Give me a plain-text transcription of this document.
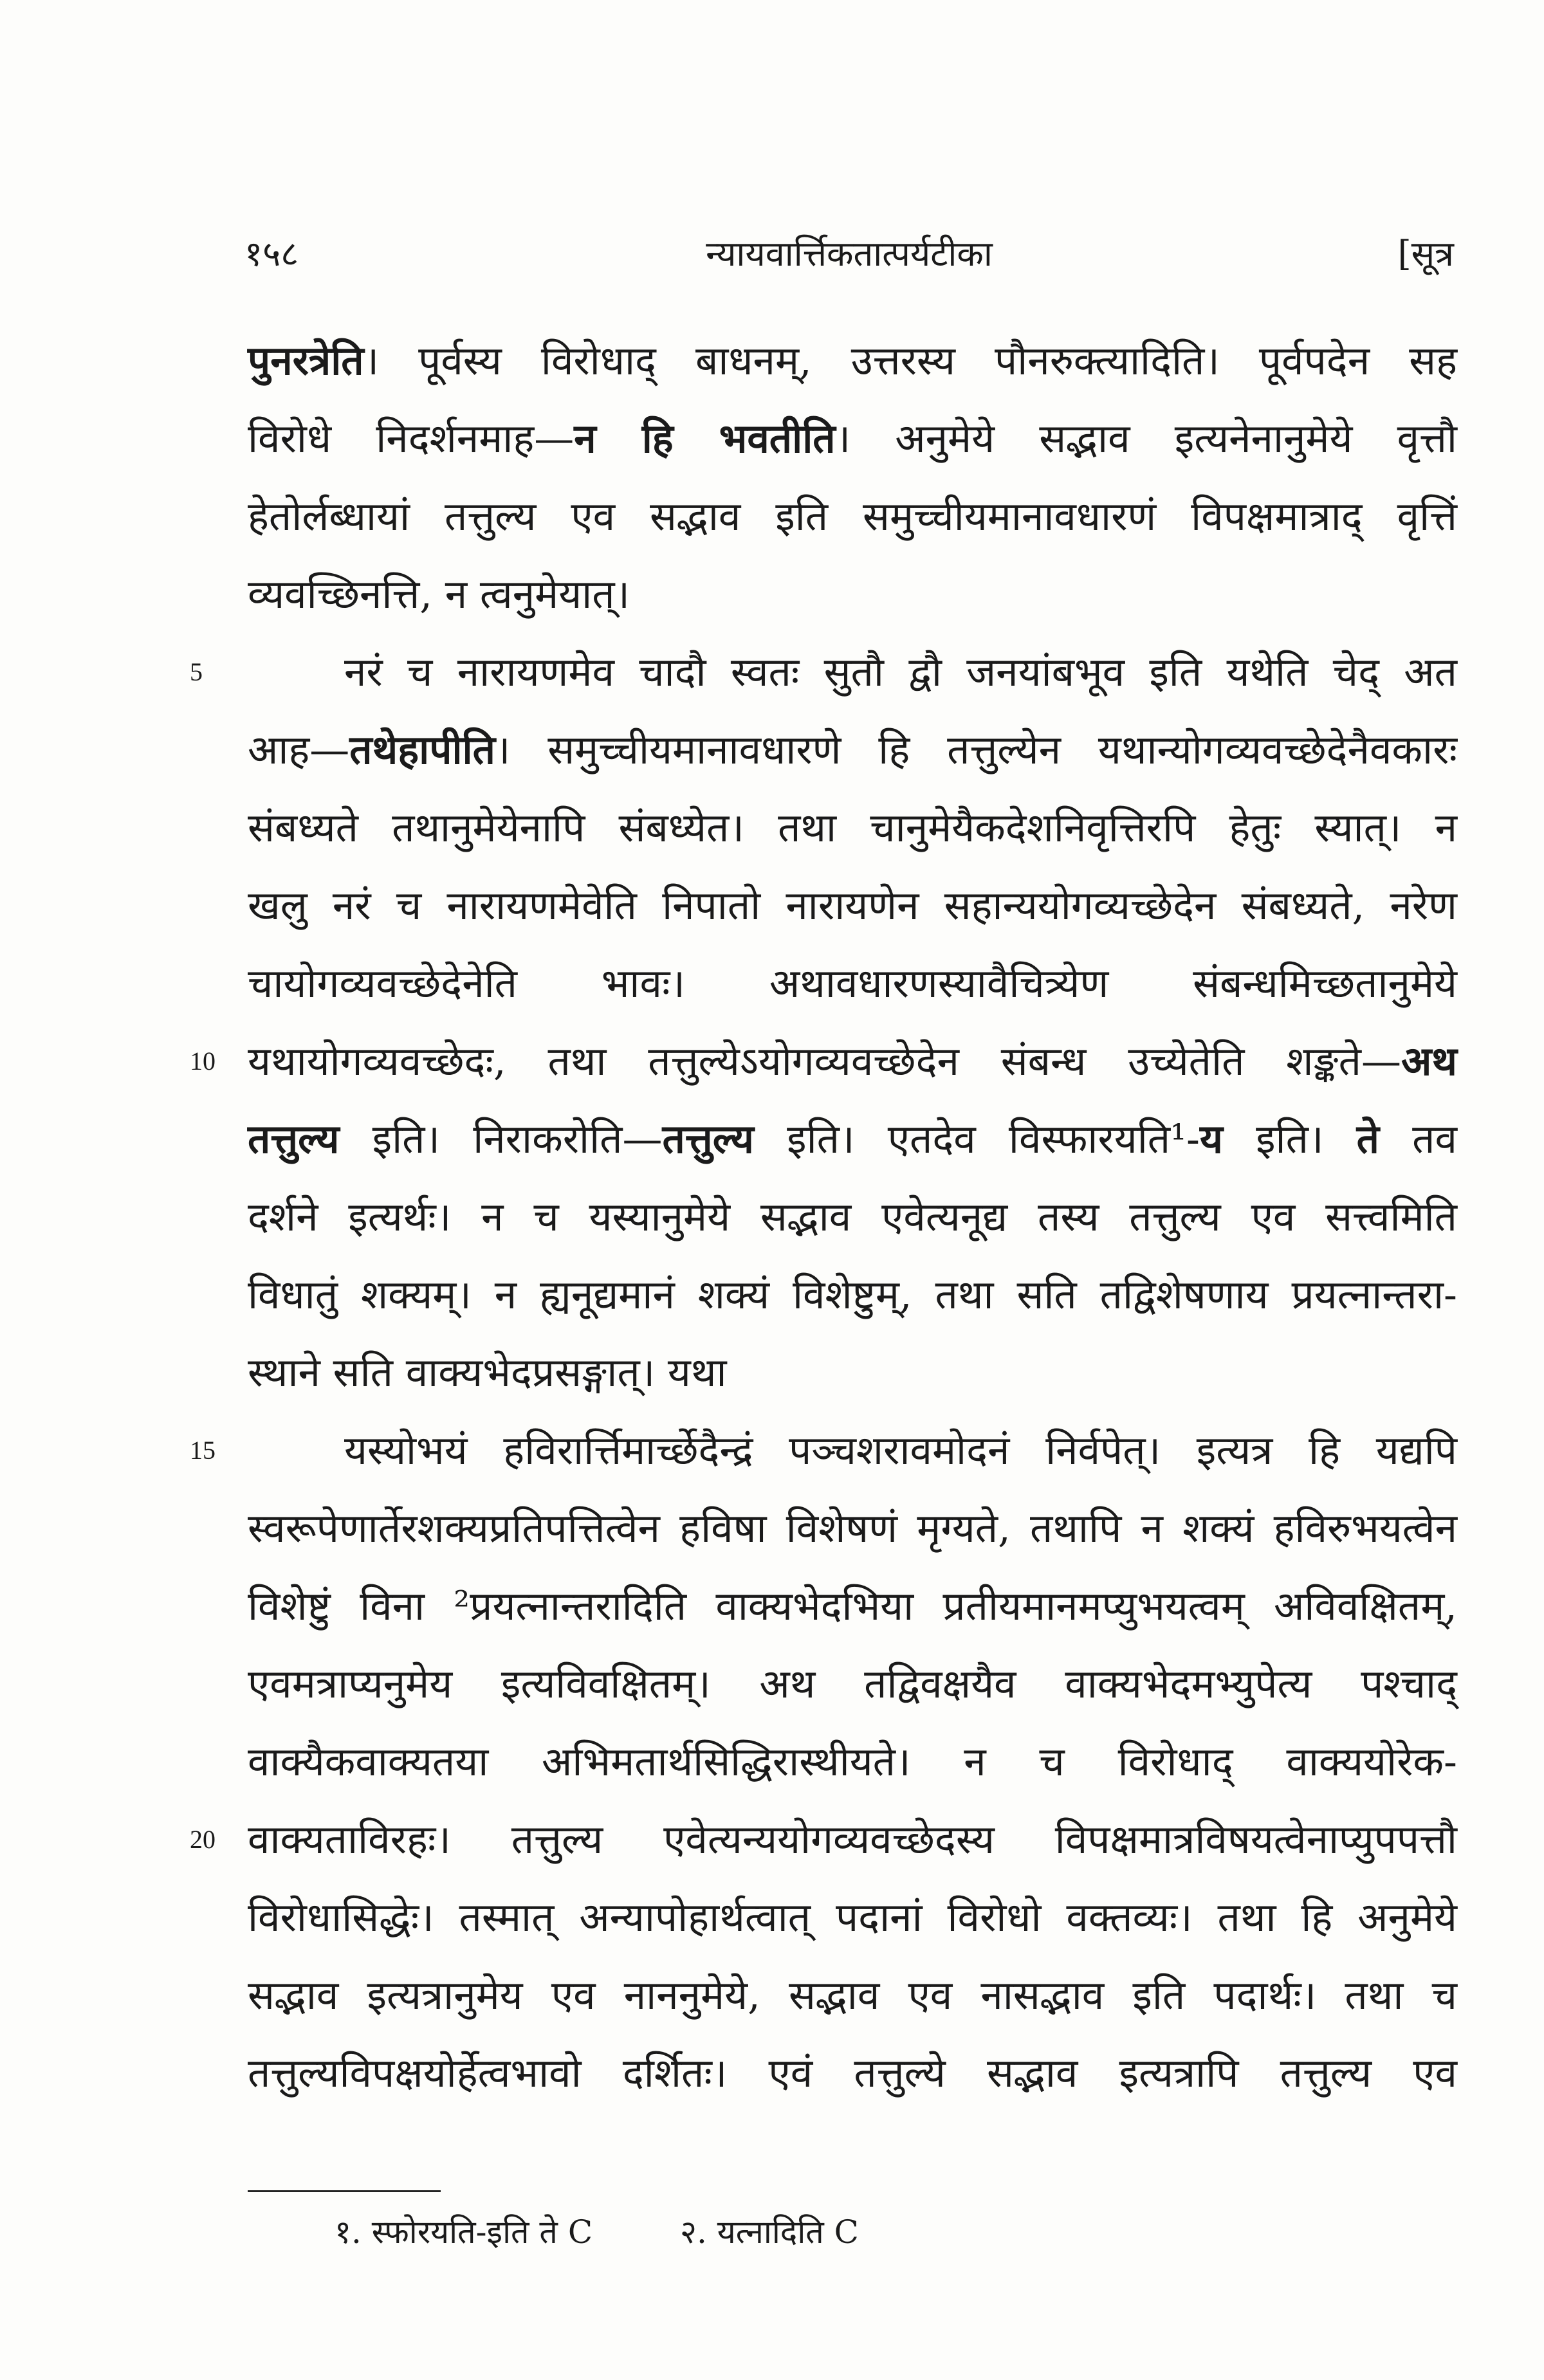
१५८	न्यायवार्त्तिकतात्पर्यटीका	[सूत्र
पुनरत्रेति। पूर्वस्य विरोधाद् बाधनम्, उत्तरस्य पौनरुक्त्यादिति। पूर्वपदेन सह
विरोधे निदर्शनमाह—न हि भवतीति। अनुमेये सद्भाव इत्यनेनानुमेये वृत्तौ
हेतोर्लब्धायां तत्तुल्य एव सद्भाव इति समुच्चीयमानावधारणं विपक्षमात्राद् वृत्तिं
व्यवच्छिनत्ति, न त्वनुमेयात्।
5	नरं च नारायणमेव चादौ स्वतः सुतौ द्वौ जनयांबभूव इति यथेति चेद् अत
आह—तथेहापीति। समुच्चीयमानावधारणे हि तत्तुल्येन यथान्योगव्यवच्छेदेनैवकारः
संबध्यते तथानुमेयेनापि संबध्येत। तथा चानुमेयैकदेशनिवृत्तिरपि हेतुः स्यात्। न
खलु नरं च नारायणमेवेति निपातो नारायणेन सहान्ययोगव्यच्छेदेन संबध्यते, नरेण
चायोगव्यवच्छेदेनेति भावः। अथावधारणस्यावैचित्र्येण संबन्धमिच्छतानुमेये
10 यथायोगव्यवच्छेदः, तथा तत्तुल्येऽयोगव्यवच्छेदेन संबन्ध उच्येतेति शङ्कते—अथ
तत्तुल्य इति। निराकरोति—तत्तुल्य इति। एतदेव विस्फारयति¹-य इति। ते तव
दर्शने इत्यर्थः। न च यस्यानुमेये सद्भाव एवेत्यनूद्य तस्य तत्तुल्य एव सत्त्वमिति
विधातुं शक्यम्। न ह्यनूद्यमानं शक्यं विशेष्टुम्, तथा सति तद्विशेषणाय प्रयत्नान्तरा-
स्थाने सति वाक्यभेदप्रसङ्गात्। यथा
15	यस्योभयं हविरार्त्तिमार्च्छेदैन्द्रं पञ्चशरावमोदनं निर्वपेत्। इत्यत्र हि यद्यपि
स्वरूपेणार्तेरशक्यप्रतिपत्तित्वेन हविषा विशेषणं मृग्यते, तथापि न शक्यं हविरुभयत्वेन
विशेष्टुं विना ²प्रयत्नान्तरादिति वाक्यभेदभिया प्रतीयमानमप्युभयत्वम् अविवक्षितम्,
एवमत्राप्यनुमेय इत्यविवक्षितम्। अथ तद्विवक्षयैव वाक्यभेदमभ्युपेत्य पश्चाद्
वाक्यैकवाक्यतया अभिमतार्थसिद्धिरास्थीयते। न च विरोधाद् वाक्ययोरेक-
20 वाक्यताविरहः। तत्तुल्य एवेत्यन्ययोगव्यवच्छेदस्य विपक्षमात्रविषयत्वेनाप्युपपत्तौ
विरोधासिद्धेः। तस्मात् अन्यापोहार्थत्वात् पदानां विरोधो वक्तव्यः। तथा हि अनुमेये
सद्भाव इत्यत्रानुमेय एव नाननुमेये, सद्भाव एव नासद्भाव इति पदार्थः। तथा च
तत्तुल्यविपक्षयोर्हेत्वभावो दर्शितः। एवं तत्तुल्ये सद्भाव इत्यत्रापि तत्तुल्य एव
१. स्फोरयति-इति ते C	२. यत्नादिति C
